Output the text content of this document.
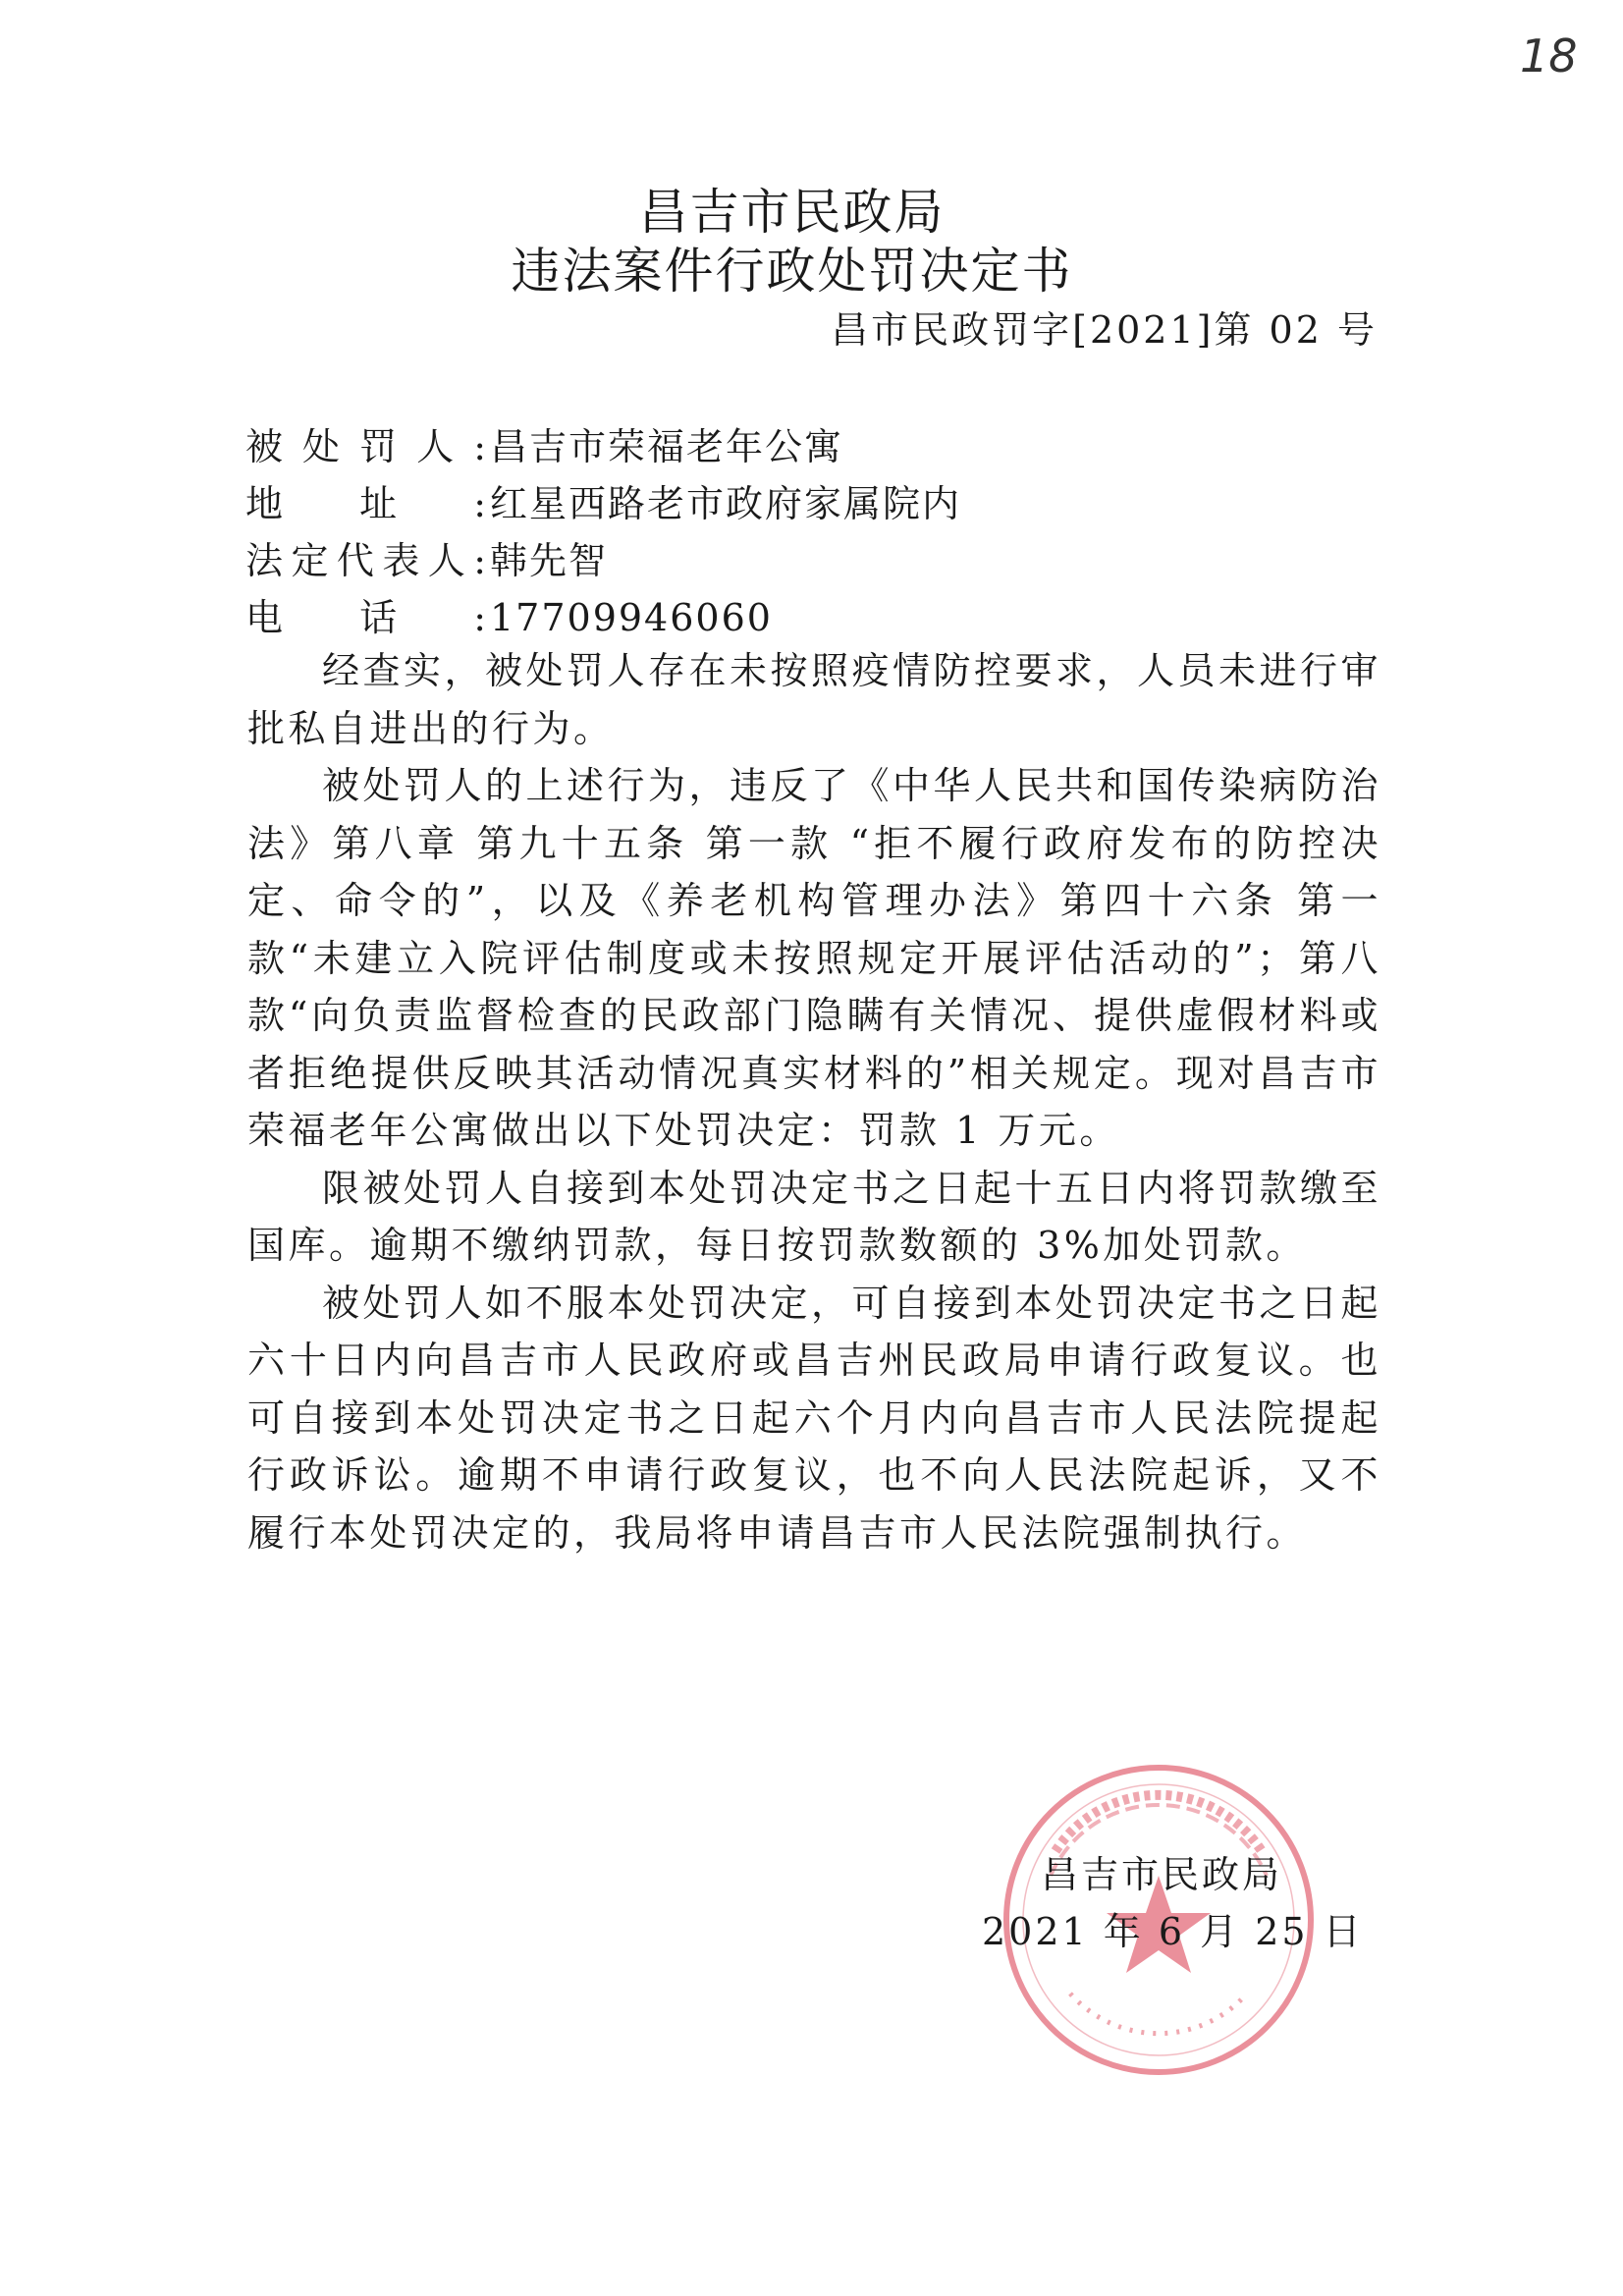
18
昌吉市民政局
违法案件行政处罚决定书
昌市民政罚字[2021]第 02 号
被 处 罚 人 : 昌吉市荣福老年公寓
地 址 : 红星西路老市政府家属院内
法 定 代 表 人 : 韩先智
电 话 : 17709946060

经查实，被处罚人存在未按照疫情防控要求，人员未进行审批私自进出的行为。

被处罚人的上述行为，违反了《中华人民共和国传染病防治法》第八章 第九十五条 第一款 “拒不履行政府发布的防控决定、命令的”，以及《养老机构管理办法》第四十六条 第一款“未建立入院评估制度或未按照规定开展评估活动的”；第八款“向负责监督检查的民政部门隐瞒有关情况、提供虚假材料或者拒绝提供反映其活动情况真实材料的”相关规定。现对昌吉市荣福老年公寓做出以下处罚决定：罚款 1 万元。

限被处罚人自接到本处罚决定书之日起十五日内将罚款缴至国库。逾期不缴纳罚款，每日按罚款数额的 3%加处罚款。

被处罚人如不服本处罚决定，可自接到本处罚决定书之日起六十日内向昌吉市人民政府或昌吉州民政局申请行政复议。也可自接到本处罚决定书之日起六个月内向昌吉市人民法院提起行政诉讼。逾期不申请行政复议，也不向人民法院起诉，又不履行本处罚决定的，我局将申请昌吉市人民法院强制执行。

昌吉市民政局
2021 年 6 月 25 日
